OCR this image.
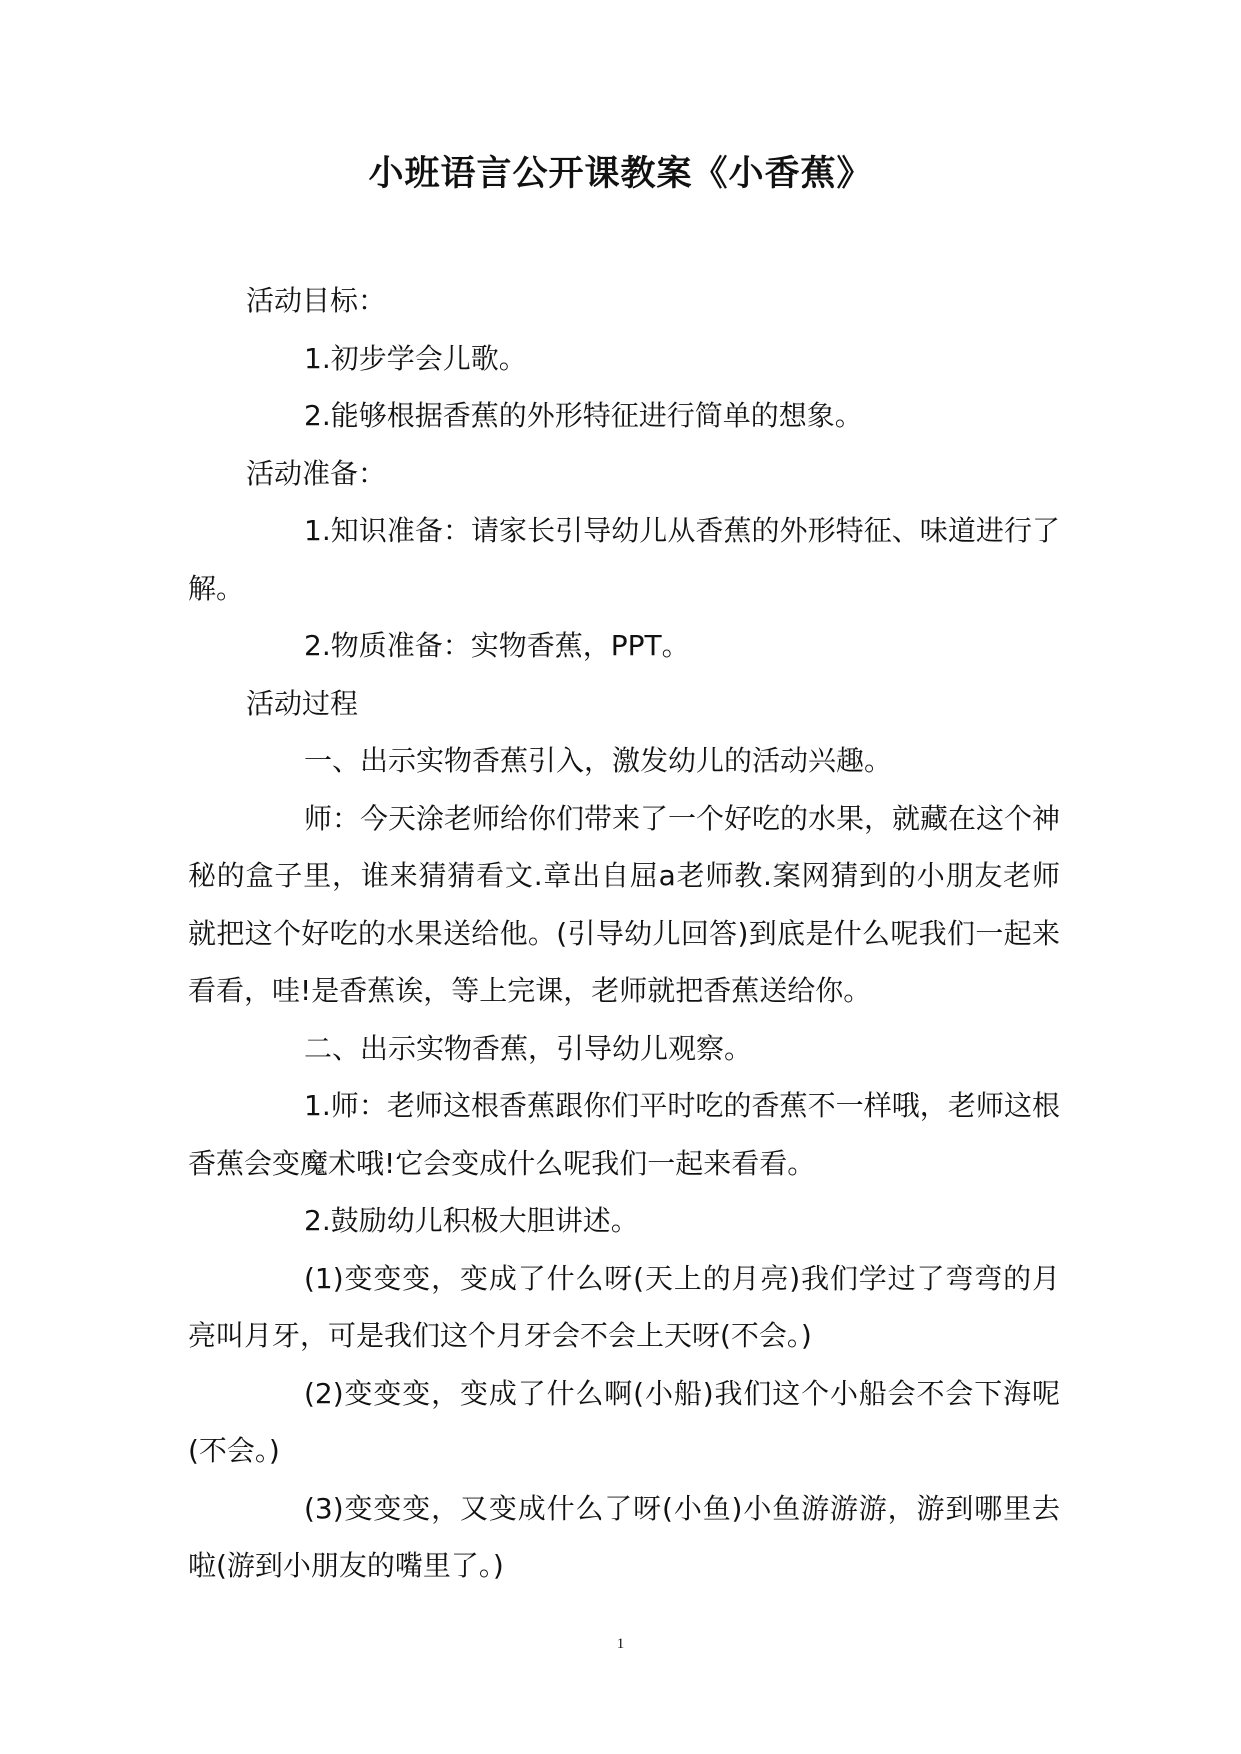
小班语言公开课教案《小香蕉》

活动目标：

1.初步学会儿歌。

2.能够根据香蕉的外形特征进行简单的想象。

活动准备：

1.知识准备：请家长引导幼儿从香蕉的外形特征、味道进行了解。

2.物质准备：实物香蕉，PPT。

活动过程

一、出示实物香蕉引入，激发幼儿的活动兴趣。

师：今天涂老师给你们带来了一个好吃的水果，就藏在这个神秘的盒子里，谁来猜猜看文.章出自屈a老师教.案网猜到的小朋友老师就把这个好吃的水果送给他。(引导幼儿回答)到底是什么呢我们一起来看看，哇!是香蕉诶，等上完课，老师就把香蕉送给你。

二、出示实物香蕉，引导幼儿观察。

1.师：老师这根香蕉跟你们平时吃的香蕉不一样哦，老师这根香蕉会变魔术哦!它会变成什么呢我们一起来看看。

2.鼓励幼儿积极大胆讲述。

(1)变变变，变成了什么呀(天上的月亮)我们学过了弯弯的月亮叫月牙，可是我们这个月牙会不会上天呀(不会。)

(2)变变变，变成了什么啊(小船)我们这个小船会不会下海呢(不会。)

(3)变变变，又变成什么了呀(小鱼)小鱼游游游，游到哪里去啦(游到小朋友的嘴里了。)

1
